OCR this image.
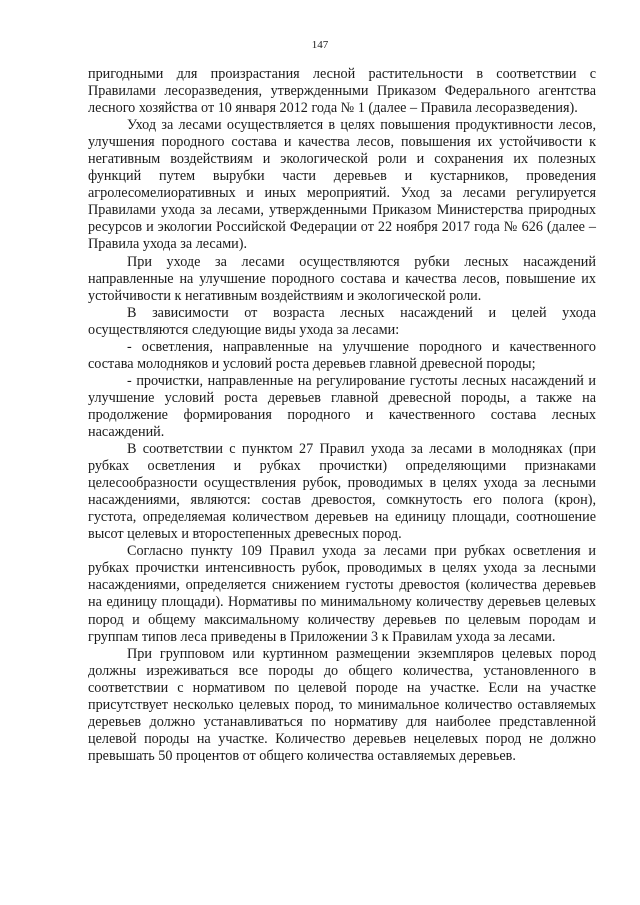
147

пригодными для произрастания лесной растительности в соответствии с Правилами лесоразведения, утвержденными Приказом Федерального агентства лесного хозяйства от 10 января 2012 года № 1 (далее – Правила лесоразведения).

Уход за лесами осуществляется в целях повышения продуктивности лесов, улучшения породного состава и качества лесов, повышения их устойчивости к негативным воздействиям и экологической роли и сохранения их полезных функций путем вырубки части деревьев и кустарников, проведения агролесомелиоративных и иных мероприятий. Уход за лесами регулируется Правилами ухода за лесами, утвержденными Приказом Министерства природных ресурсов и экологии Российской Федерации от 22 ноября 2017 года № 626 (далее – Правила ухода за лесами).

При уходе за лесами осуществляются рубки лесных насаждений направленные на улучшение породного состава и качества лесов, повышение их устойчивости к негативным воздействиям и экологической роли.

В зависимости от возраста лесных насаждений и целей ухода осуществляются следующие виды ухода за лесами:

- осветления, направленные на улучшение породного и качественного состава молодняков и условий роста деревьев главной древесной породы;

- прочистки, направленные на регулирование густоты лесных насаждений и улучшение условий роста деревьев главной древесной породы, а также на продолжение формирования породного и качественного состава лесных насаждений.

В соответствии с пунктом 27 Правил ухода за лесами в молодняках (при рубках осветления и рубках прочистки) определяющими признаками целесообразности осуществления рубок, проводимых в целях ухода за лесными насаждениями, являются: состав древостоя, сомкнутость его полога (крон), густота, определяемая количеством деревьев на единицу площади, соотношение высот целевых и второстепенных древесных пород.

Согласно пункту 109 Правил ухода за лесами при рубках осветления и рубках прочистки интенсивность рубок, проводимых в целях ухода за лесными насаждениями, определяется снижением густоты древостоя (количества деревьев на единицу площади). Нормативы по минимальному количеству деревьев целевых пород и общему максимальному количеству деревьев по целевым породам и группам типов леса приведены в Приложении 3 к Правилам ухода за лесами.

При групповом или куртинном размещении экземпляров целевых пород должны изреживаться все породы до общего количества, установленного в соответствии с нормативом по целевой породе на участке. Если на участке присутствует несколько целевых пород, то минимальное количество оставляемых деревьев должно устанавливаться по нормативу для наиболее представленной целевой породы на участке. Количество деревьев нецелевых пород не должно превышать 50 процентов от общего количества оставляемых деревьев.
